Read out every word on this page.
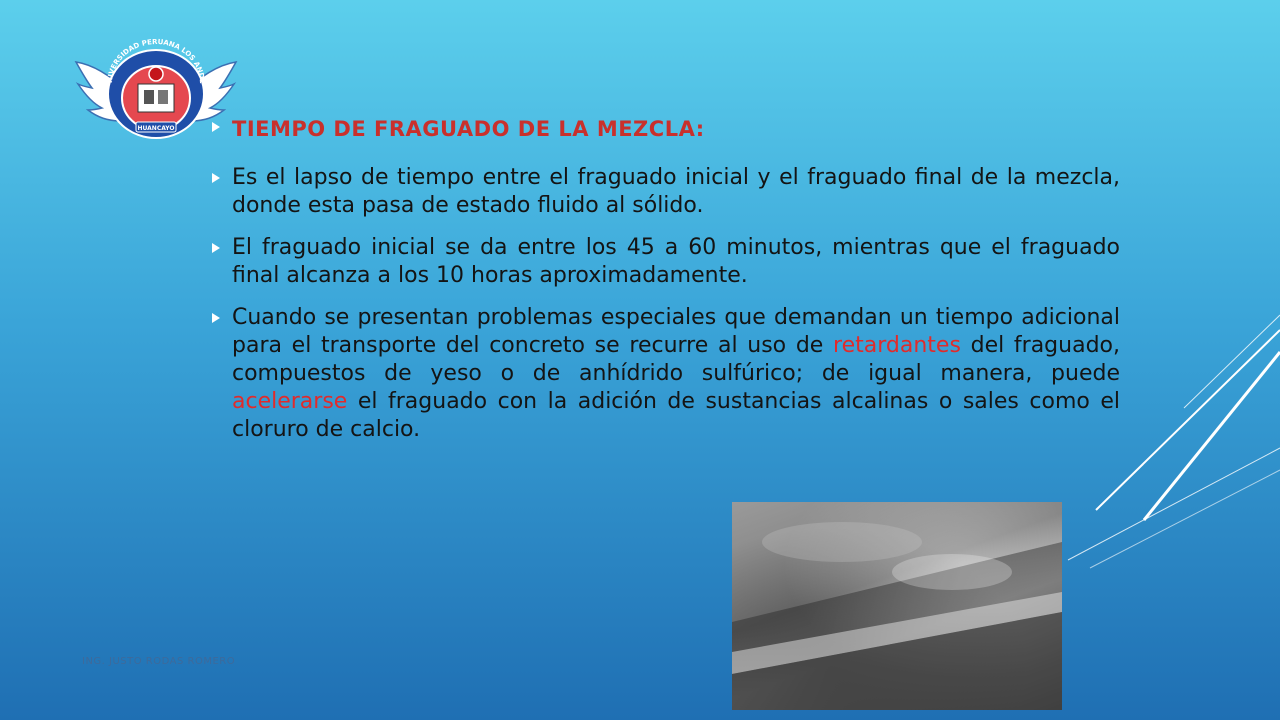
NIVERSIDAD PERUANA LOS ANDE
HUANCAYO	TIEMPO DE FRAGUADO DE LA MEZCLA:
Es el lapso de tiempo entre el fraguado inicial y el fraguado final de la mezcla, donde esta pasa de estado fluido al sólido.
El fraguado inicial se da entre los 45 a 60 minutos, mientras que el fraguado final alcanza a los 10 horas aproximadamente.
Cuando se presentan problemas especiales que demandan un tiempo adicional para el transporte del concreto se recurre al uso de retardantes del fraguado, compuestos de yeso o de anhídrido sulfúrico; de igual manera, puede acelerarse el fraguado con la adición de sustancias alcalinas o sales como el cloruro de calcio.
ING. JUSTO RODAS ROMERO
